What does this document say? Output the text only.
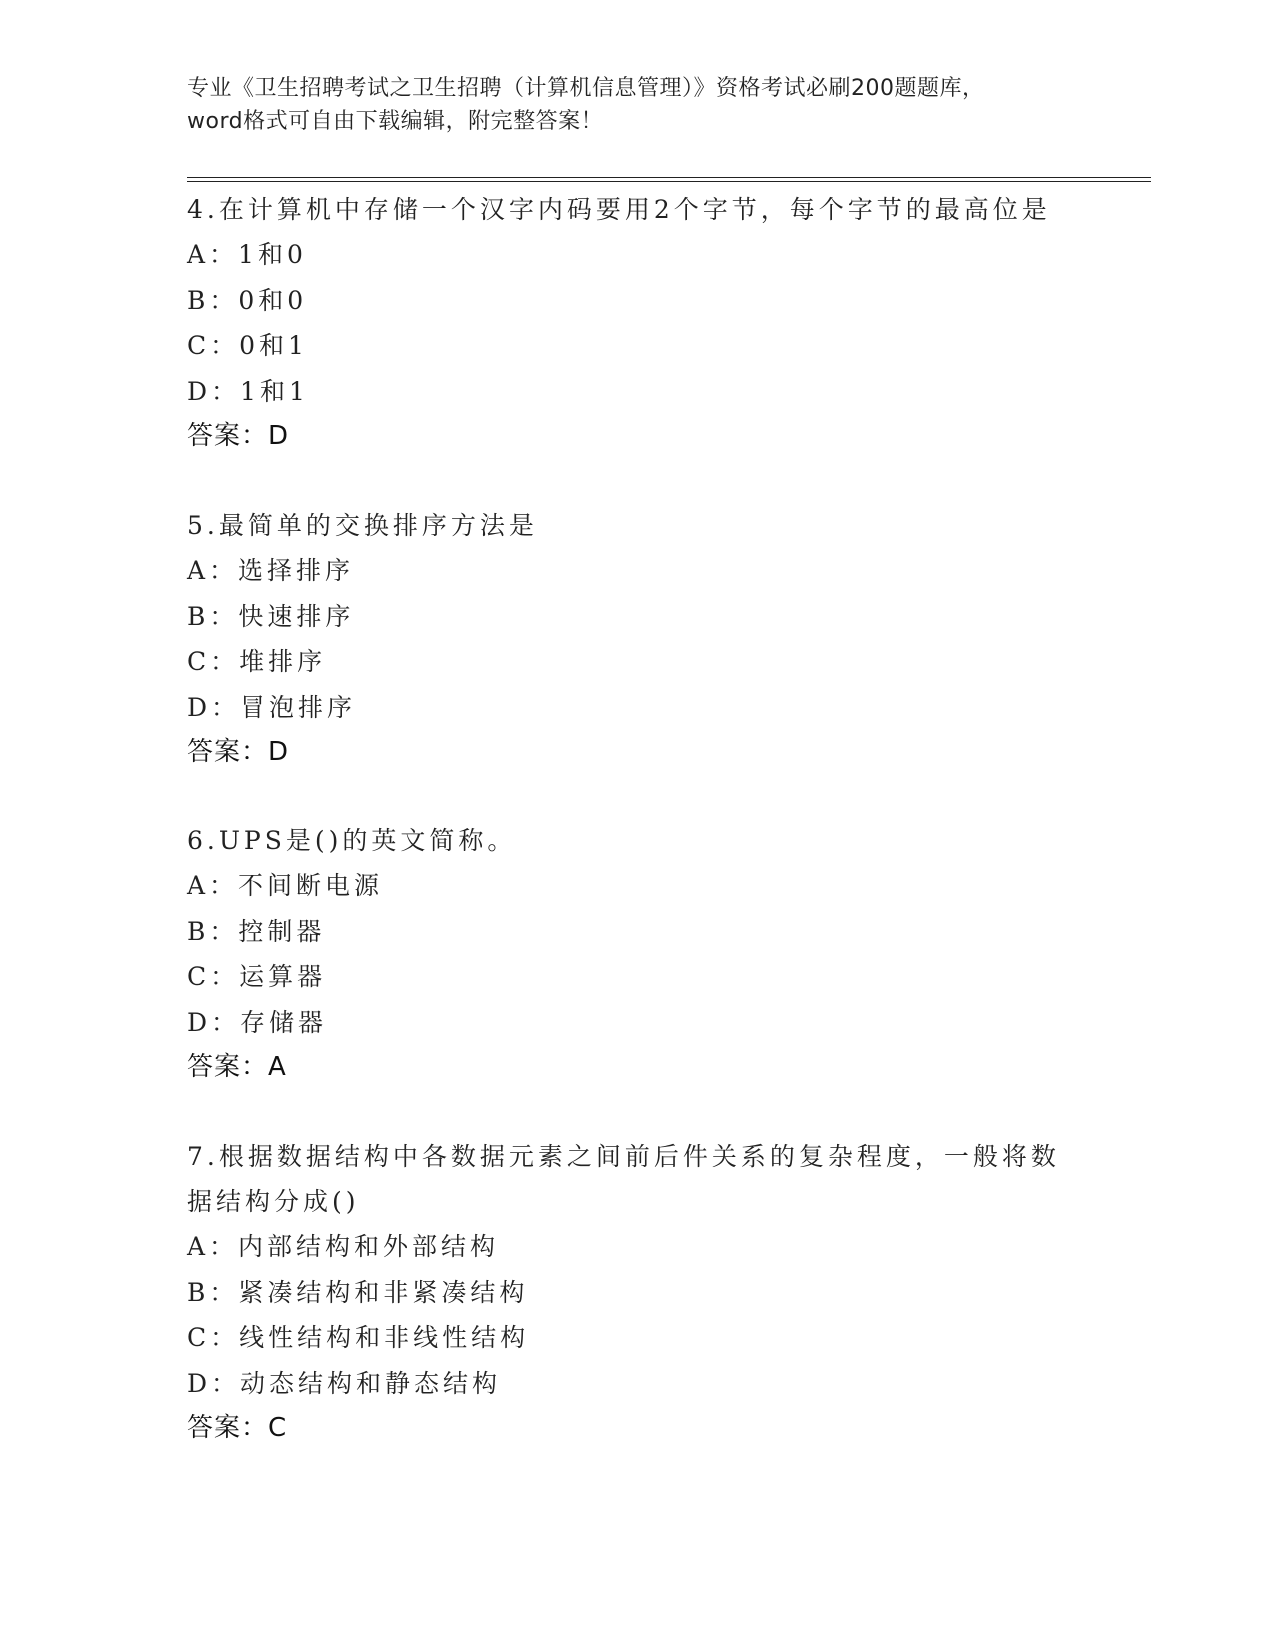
专业《卫生招聘考试之卫生招聘（计算机信息管理）》资格考试必刷200题题库，
word格式可自由下载编辑，附完整答案！
4.在计算机中存储一个汉字内码要用2个字节，每个字节的最高位是
A：1和0
B：0和0
C：0和1
D：1和1
答案：D
5.最简单的交换排序方法是
A：选择排序
B：快速排序
C：堆排序
D：冒泡排序
答案：D
6.UPS是()的英文简称。
A：不间断电源
B：控制器
C：运算器
D：存储器
答案：A
7.根据数据结构中各数据元素之间前后件关系的复杂程度，一般将数据结构分成()
A：内部结构和外部结构
B：紧凑结构和非紧凑结构
C：线性结构和非线性结构
D：动态结构和静态结构
答案：C
